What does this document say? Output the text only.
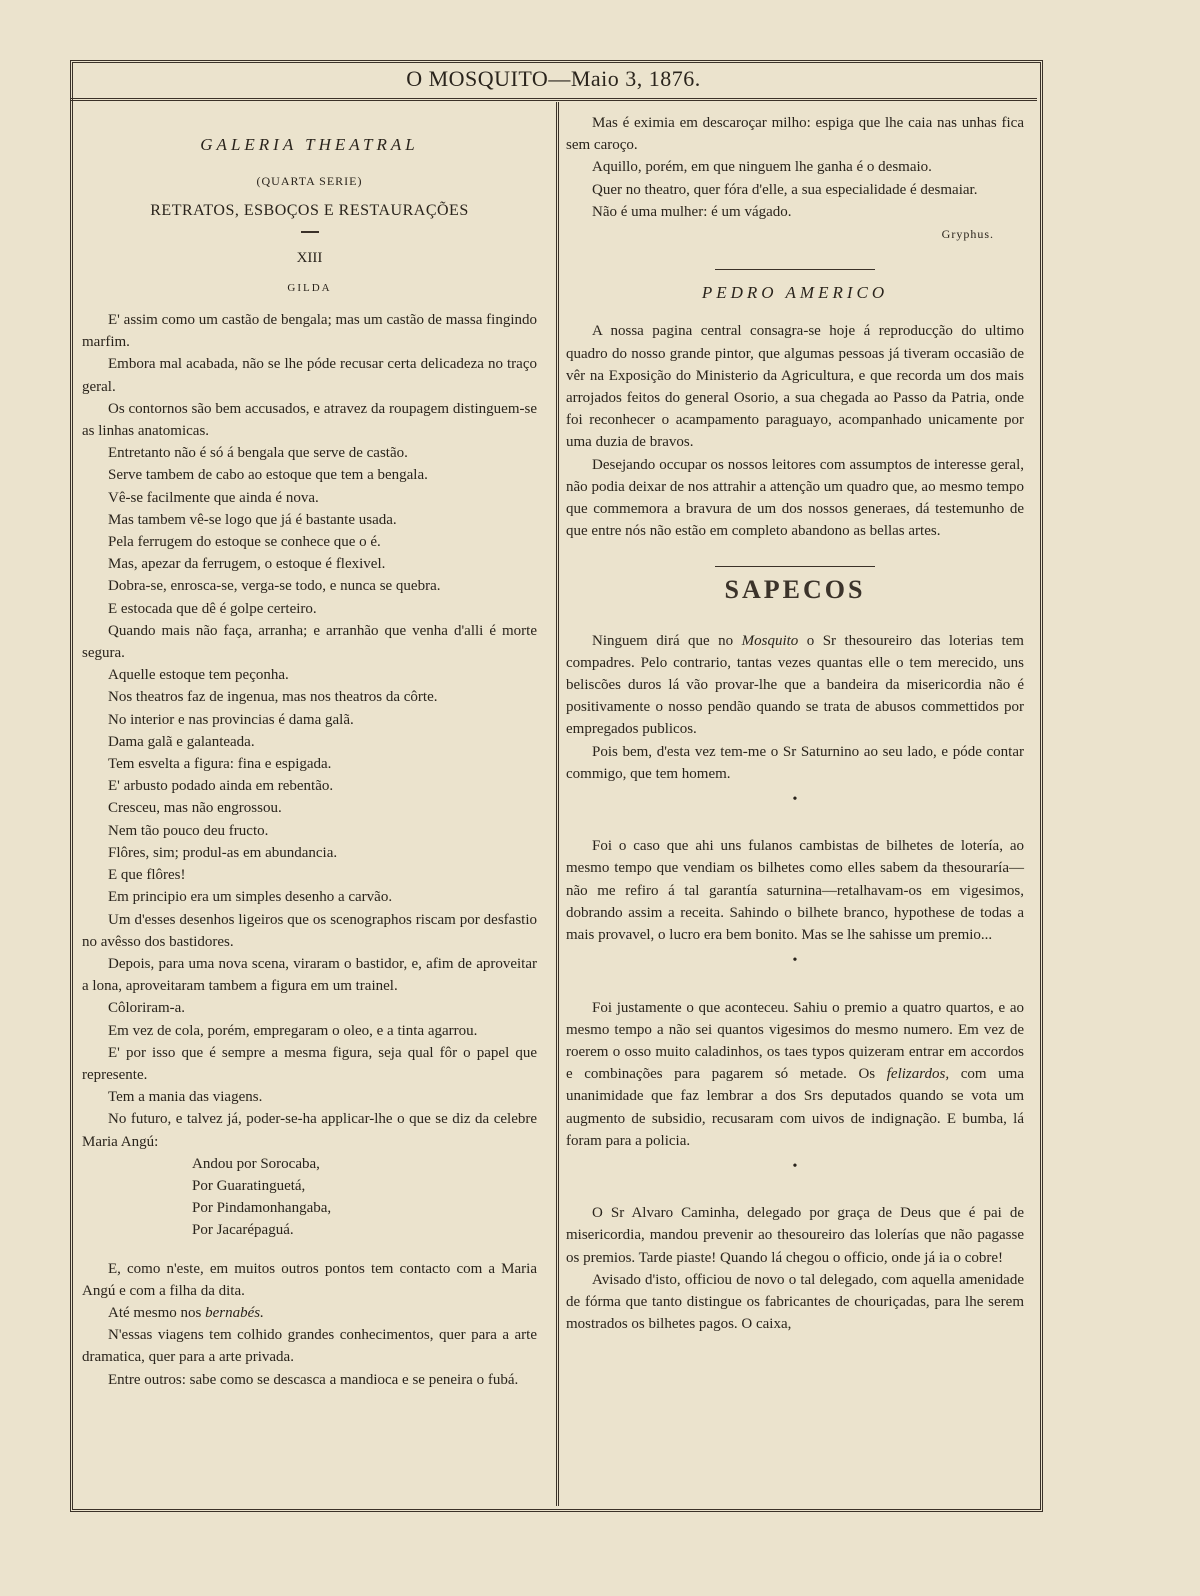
O MOSQUITO—Maio 3, 1876.
GALERIA THEATRAL
(QUARTA SERIE)
RETRATOS, ESBOÇOS E RESTAURAÇÕES
XIII
GILDA

E' assim como um castão de bengala; mas um castão de massa fingindo marfim.

Embora mal acabada, não se lhe póde recusar certa delicadeza no traço geral.

Os contornos são bem accusados, e atravez da roupagem distinguem-se as linhas anatomicas.

Entretanto não é só á bengala que serve de castão.

Serve tambem de cabo ao estoque que tem a bengala.

Vê-se facilmente que ainda é nova.

Mas tambem vê-se logo que já é bastante usada.

Pela ferrugem do estoque se conhece que o é.

Mas, apezar da ferrugem, o estoque é flexivel.

Dobra-se, enrosca-se, verga-se todo, e nunca se quebra.

E estocada que dê é golpe certeiro.

Quando mais não faça, arranha; e arranhão que venha d'alli é morte segura.

Aquelle estoque tem peçonha.

Nos theatros faz de ingenua, mas nos theatros da côrte.

No interior e nas provincias é dama galã.

Dama galã e galanteada.

Tem esvelta a figura: fina e espigada.

E' arbusto podado ainda em rebentão.

Cresceu, mas não engrossou.

Nem tão pouco deu fructo.

Flôres, sim; produl-as em abundancia.

E que flôres!

Em principio era um simples desenho a carvão.

Um d'esses desenhos ligeiros que os scenographos riscam por desfastio no avêsso dos bastidores.

Depois, para uma nova scena, viraram o bastidor, e, afim de aproveitar a lona, aproveitaram tambem a figura em um trainel.

Côloriram-a.

Em vez de cola, porém, empregaram o oleo, e a tinta agarrou.

E' por isso que é sempre a mesma figura, seja qual fôr o papel que represente.

Tem a mania das viagens.

No futuro, e talvez já, poder-se-ha applicar-lhe o que se diz da celebre Maria Angú:

Andou por Sorocaba,

Por Guaratinguetá,

Por Pindamonhangaba,

Por Jacarépaguá.

E, como n'este, em muitos outros pontos tem contacto com a Maria Angú e com a filha da dita.

Até mesmo nos bernabés.

N'essas viagens tem colhido grandes conhecimentos, quer para a arte dramatica, quer para a arte privada.

Entre outros: sabe como se descasca a mandioca e se peneira o fubá.

Mas é eximia em descaroçar milho: espiga que lhe caia nas unhas fica sem caroço.

Aquillo, porém, em que ninguem lhe ganha é o desmaio.

Quer no theatro, quer fóra d'elle, a sua especialidade é desmaiar.

Não é uma mulher: é um vágado.

Gryphus.
PEDRO AMERICO

A nossa pagina central consagra-se hoje á reproducção do ultimo quadro do nosso grande pintor, que algumas pessoas já tiveram occasião de vêr na Exposição do Ministerio da Agricultura, e que recorda um dos mais arrojados feitos do general Osorio, a sua chegada ao Passo da Patria, onde foi reconhecer o acampamento paraguayo, acompanhado unicamente por uma duzia de bravos.

Desejando occupar os nossos leitores com assumptos de interesse geral, não podia deixar de nos attrahir a attenção um quadro que, ao mesmo tempo que commemora a bravura de um dos nossos generaes, dá testemunho de que entre nós não estão em completo abandono as bellas artes.

SAPECOS

Ninguem dirá que no Mosquito o Sr thesoureiro das loterias tem compadres. Pelo contrario, tantas vezes quantas elle o tem merecido, uns beliscões duros lá vão provar-lhe que a bandeira da misericordia não é positivamente o nosso pendão quando se trata de abusos commettidos por empregados publicos.

Pois bem, d'esta vez tem-me o Sr Saturnino ao seu lado, e póde contar commigo, que tem homem.

•

Foi o caso que ahi uns fulanos cambistas de bilhetes de lotería, ao mesmo tempo que vendiam os bilhetes como elles sabem da thesouraría—não me refiro á tal garantía saturnina—retalhavam-os em vigesimos, dobrando assim a receita. Sahindo o bilhete branco, hypothese de todas a mais provavel, o lucro era bem bonito. Mas se lhe sahisse um premio...

•

Foi justamente o que aconteceu. Sahiu o premio a quatro quartos, e ao mesmo tempo a não sei quantos vigesimos do mesmo numero. Em vez de roerem o osso muito caladinhos, os taes typos quizeram entrar em accordos e combinações para pagarem só metade. Os felizardos, com uma unanimidade que faz lembrar a dos Srs deputados quando se vota um augmento de subsidio, recusaram com uivos de indignação. E bumba, lá foram para a policia.

•

O Sr Alvaro Caminha, delegado por graça de Deus que é pai de misericordia, mandou prevenir ao thesoureiro das lolerías que não pagasse os premios. Tarde piaste! Quando lá chegou o officio, onde já ia o cobre!

Avisado d'isto, officiou de novo o tal delegado, com aquella amenidade de fórma que tanto distingue os fabricantes de chouriçadas, para lhe serem mostrados os bilhetes pagos. O caixa,
